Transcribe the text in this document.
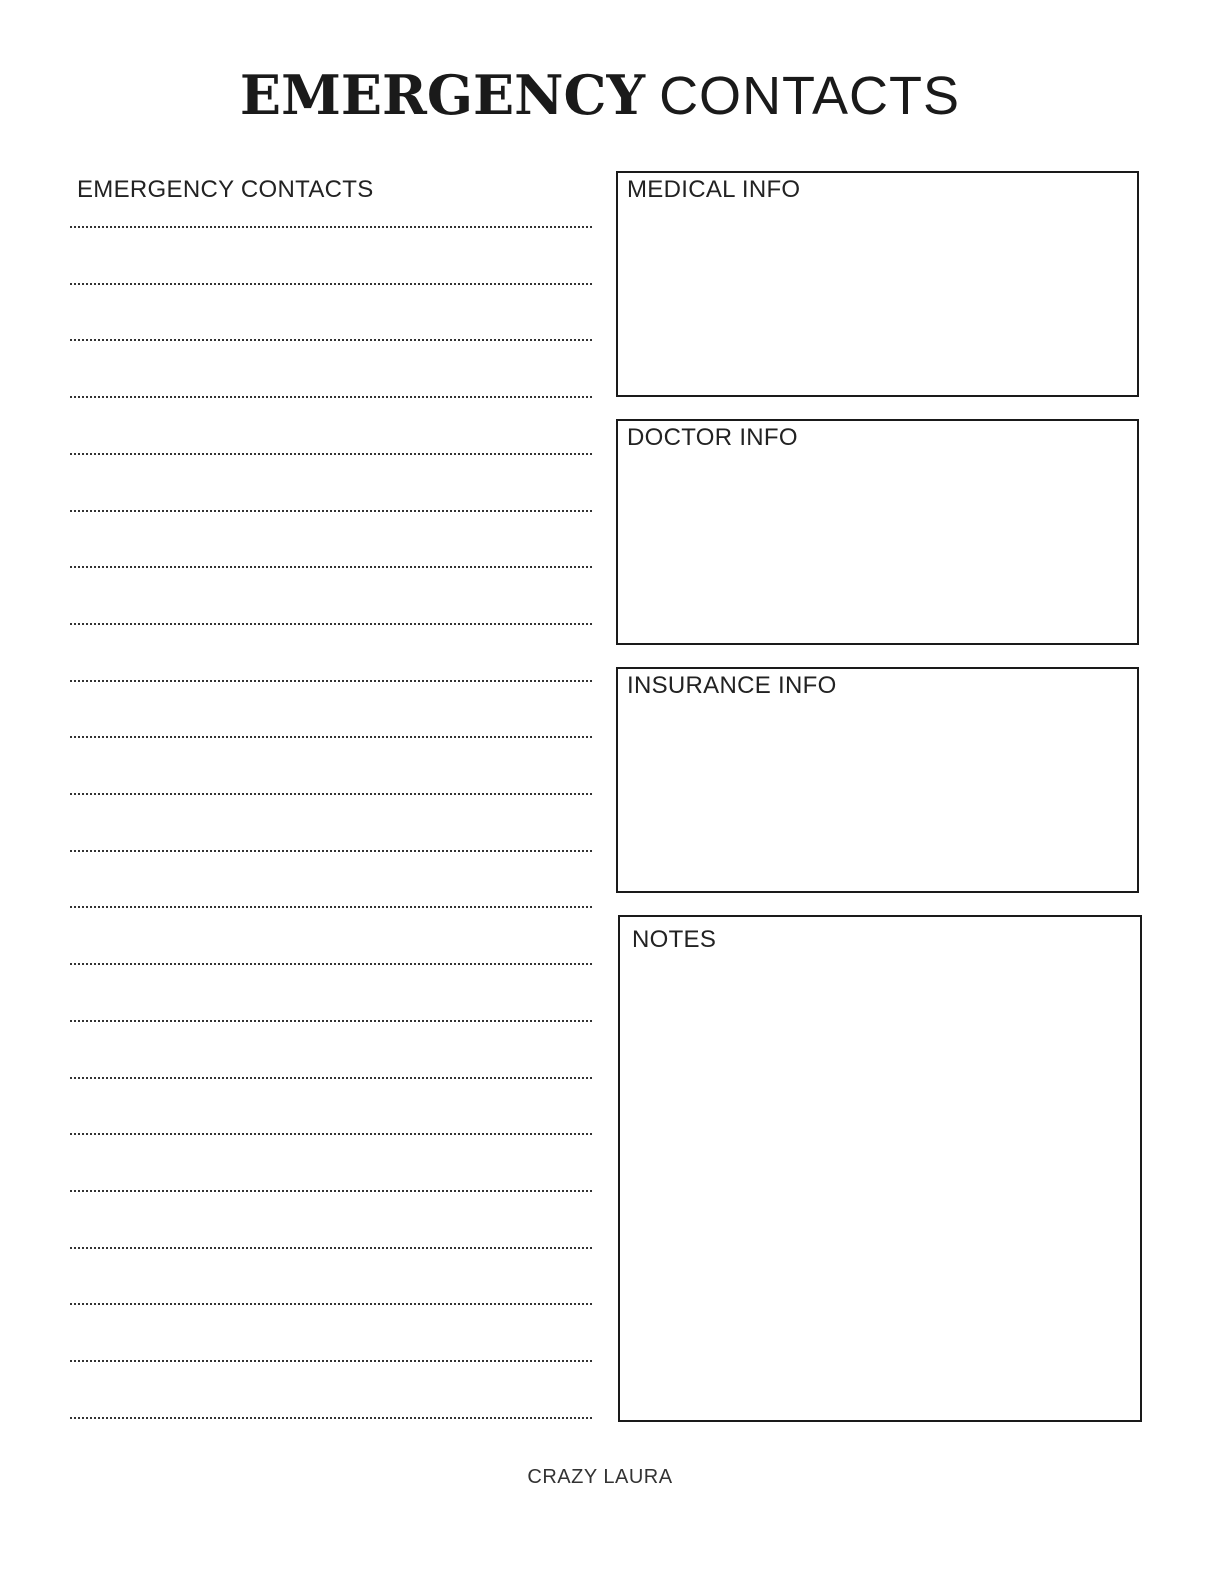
EMERGENCY CONTACTS
EMERGENCY CONTACTS	MEDICAL INFO
DOCTOR INFO
INSURANCE INFO
NOTES
CRAZY LAURA
